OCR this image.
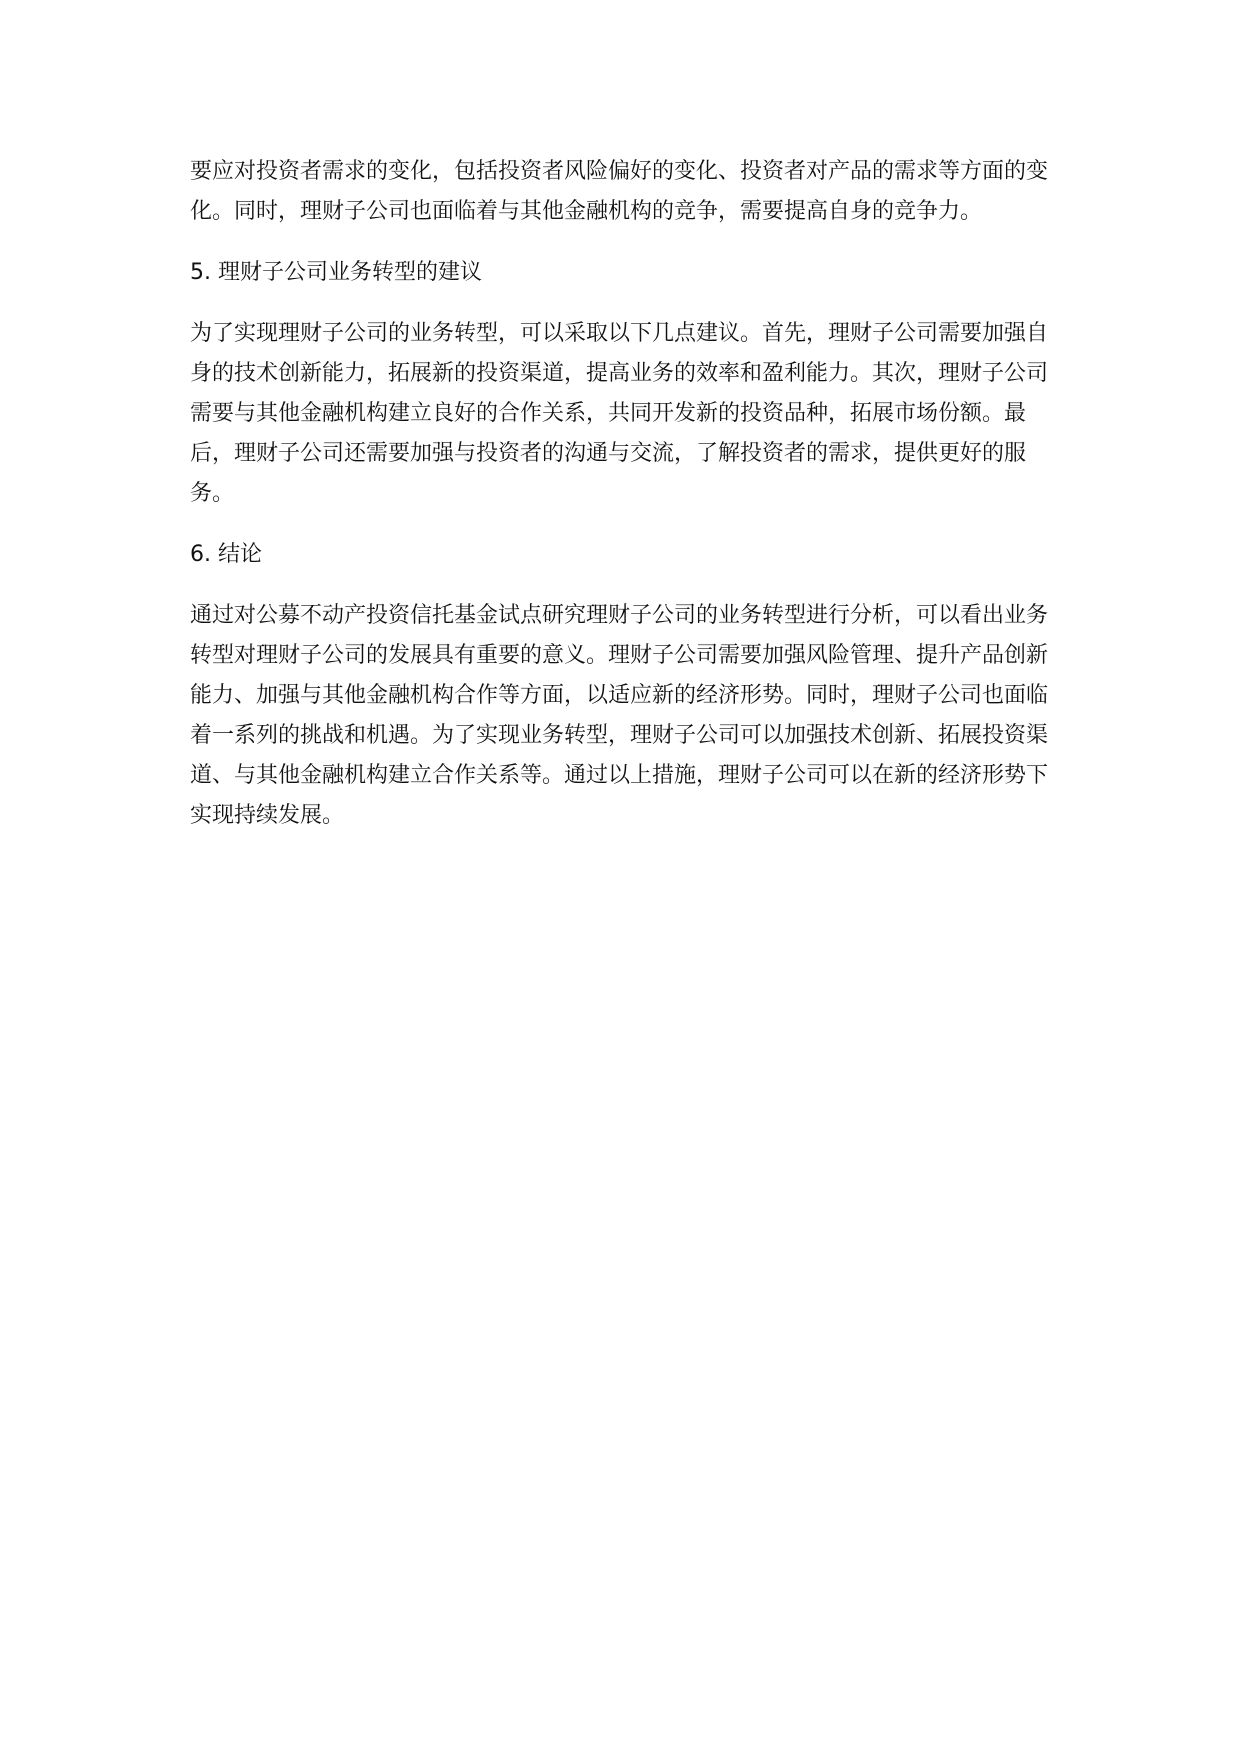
要应对投资者需求的变化，包括投资者风险偏好的变化、投资者对产品的需求等方面的变化。同时，理财子公司也面临着与其他金融机构的竞争，需要提高自身的竞争力。

5. 理财子公司业务转型的建议

为了实现理财子公司的业务转型，可以采取以下几点建议。首先，理财子公司需要加强自身的技术创新能力，拓展新的投资渠道，提高业务的效率和盈利能力。其次，理财子公司需要与其他金融机构建立良好的合作关系，共同开发新的投资品种，拓展市场份额。最后，理财子公司还需要加强与投资者的沟通与交流，了解投资者的需求，提供更好的服务。

6. 结论

通过对公募不动产投资信托基金试点研究理财子公司的业务转型进行分析，可以看出业务转型对理财子公司的发展具有重要的意义。理财子公司需要加强风险管理、提升产品创新能力、加强与其他金融机构合作等方面，以适应新的经济形势。同时，理财子公司也面临着一系列的挑战和机遇。为了实现业务转型，理财子公司可以加强技术创新、拓展投资渠道、与其他金融机构建立合作关系等。通过以上措施，理财子公司可以在新的经济形势下实现持续发展。
